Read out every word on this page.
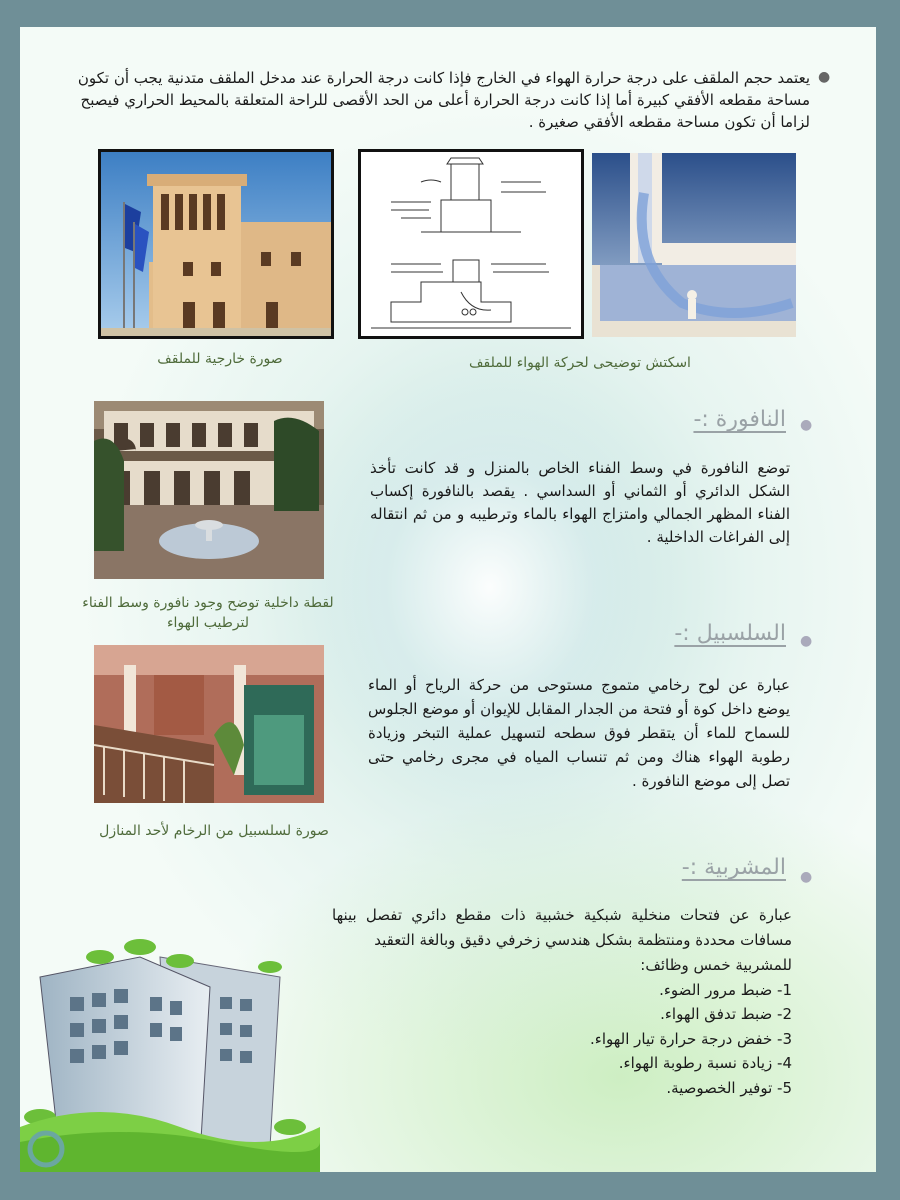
●
يعتمد حجم الملقف على درجة حرارة الهواء في الخارج فإذا كانت درجة الحرارة عند مدخل الملقف متدنية يجب أن تكون مساحة مقطعه الأفقي كبيرة أما إذا كانت درجة الحرارة أعلى من الحد الأقصى للراحة المتعلقة بالمحيط الحراري فيصبح لزاما أن تكون مساحة مقطعه الأفقي صغيرة .
صورة خارجية للملقف	اسكتش توضيحى لحركة الهواء للملقف
لقطة داخلية توضح وجود نافورة وسط الفناء لترطيب الهواء
●
النافورة :-
توضع النافورة في وسط الفناء الخاص بالمنزل و قد كانت تأخذ الشكل الدائري أو الثماني أو السداسي . يقصد بالنافورة إكساب الفناء المظهر الجمالي وامتزاج الهواء بالماء وترطيبه و من ثم انتقاله إلى الفراغات الداخلية .
صورة لسلسبيل من الرخام لأحد المنازل
●
السلسبيل :-
عبارة عن لوح رخامي متموج مستوحى من حركة الرياح أو الماء يوضع داخل كوة أو فتحة من الجدار المقابل للإيوان أو موضع الجلوس للسماح للماء أن يتقطر فوق سطحه لتسهيل عملية التبخر وزيادة رطوبة الهواء هناك ومن ثم تنساب المياه في مجرى رخامي حتى تصل إلى موضع النافورة .
●
المشربية :-
عبارة عن فتحات منخلية شبكية خشبية ذات مقطع دائري تفصل بينها مسافات محددة ومنتظمة بشكل هندسي زخرفي دقيق وبالغة التعقيد
للمشربية خمس وظائف:
1- ضبط مرور الضوء.
2- ضبط تدفق الهواء.
3- خفض درجة حرارة تيار الهواء.
4- زيادة نسبة رطوبة الهواء.
5- توفير الخصوصية.
